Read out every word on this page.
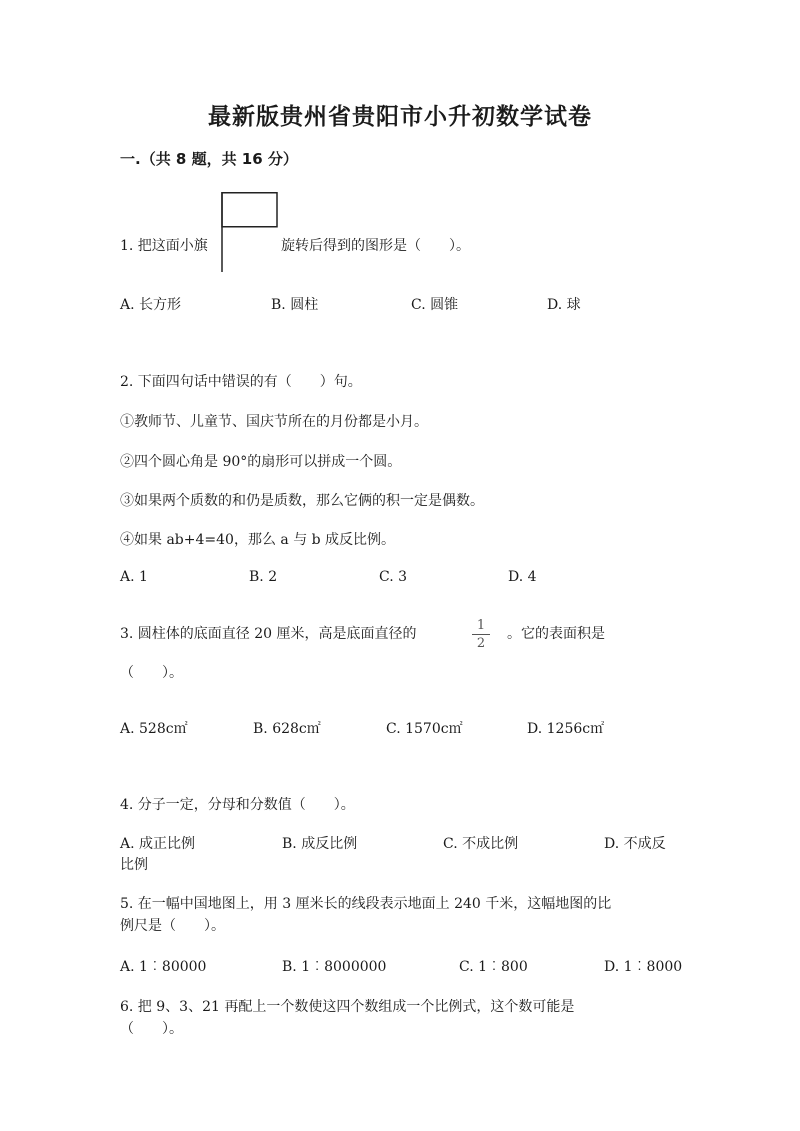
最新版贵州省贵阳市小升初数学试卷
一.（共 8 题，共 16 分）
1. 把这面小旗	旋转后得到的图形是（　　）。
A. 长方形	B. 圆柱	C. 圆锥	D. 球
2. 下面四句话中错误的有（　　）句。
①教师节、儿童节、国庆节所在的月份都是小月。
②四个圆心角是 90°的扇形可以拼成一个圆。
③如果两个质数的和仍是质数，那么它俩的积一定是偶数。
④如果 ab+4=40，那么 a 与 b 成反比例。
A. 1	B. 2	C. 3	D. 4
3. 圆柱体的底面直径 20 厘米，高是底面直径的
1
2
。它的表面积是
（　　）。
A. 528c㎡	B. 628c㎡	C. 1570c㎡	D. 1256c㎡
4. 分子一定，分母和分数值（　　）。
A. 成正比例	B. 成反比例	C. 不成比例	D. 不成反
比例
5. 在一幅中国地图上，用 3 厘米长的线段表示地面上 240 千米，这幅地图的比
例尺是（　　）。
A. 1︰80000	B. 1︰8000000	C. 1︰800	D. 1︰8000
6. 把 9、3、21 再配上一个数使这四个数组成一个比例式，这个数可能是
（　　）。
